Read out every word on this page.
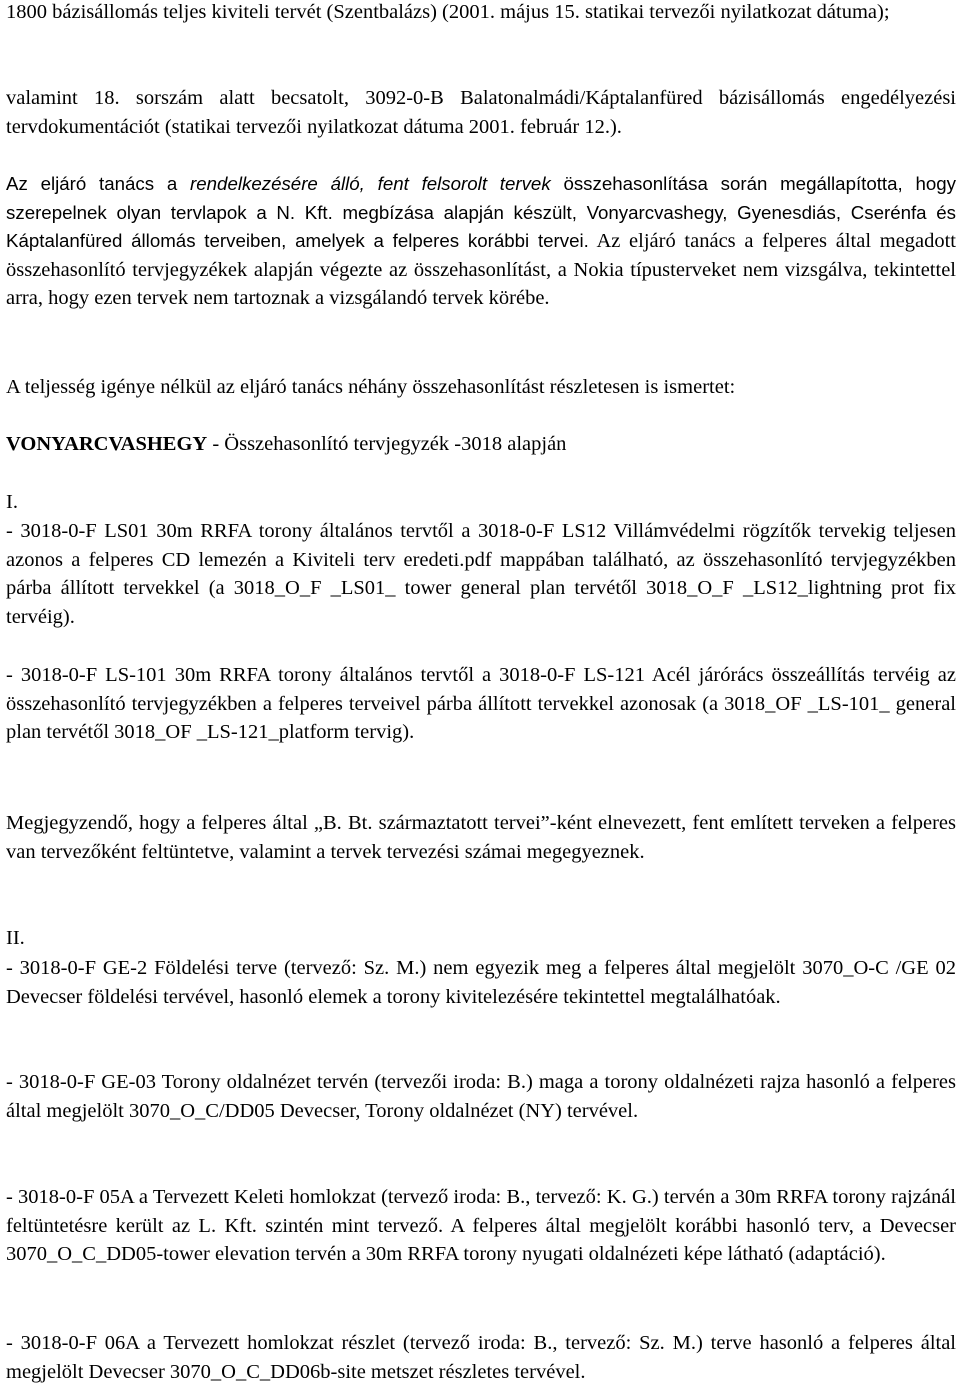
1800 bázisállomás teljes kiviteli tervét (Szentbalázs) (2001. május 15. statikai tervezői nyilatkozat dátuma);

valamint 18. sorszám alatt becsatolt, 3092-0-B Balatonalmádi/Káptalanfüred bázisállomás engedélyezési tervdokumentációt (statikai tervezői nyilatkozat dátuma 2001. február 12.).

Az eljáró tanács a rendelkezésére álló, fent felsorolt tervek összehasonlítása során megállapította, hogy szerepelnek olyan tervlapok a N. Kft. megbízása alapján készült, Vonyarcvashegy, Gyenesdiás, Cserénfa és Káptalanfüred állomás terveiben, amelyek a felperes korábbi tervei. Az eljáró tanács a felperes által megadott összehasonlító tervjegyzékek alapján végezte az összehasonlítást, a Nokia típusterveket nem vizsgálva, tekintettel arra, hogy ezen tervek nem tartoznak a vizsgálandó tervek körébe.

A teljesség igénye nélkül az eljáró tanács néhány összehasonlítást részletesen is ismertet:

VONYARCVASHEGY - Összehasonlító tervjegyzék -3018 alapján

I.

- 3018-0-F LS01 30m RRFA torony általános tervtől a 3018-0-F LS12 Villámvédelmi rögzítők tervekig teljesen azonos a felperes CD lemezén a Kiviteli terv eredeti.pdf mappában található, az összehasonlító tervjegyzékben párba állított tervekkel (a 3018_O_F _LS01_ tower general plan tervétől 3018_O_F _LS12_lightning prot fix tervéig).

- 3018-0-F LS-101 30m RRFA torony általános tervtől a 3018-0-F LS-121 Acél járórács összeállítás tervéig az összehasonlító tervjegyzékben a felperes terveivel párba állított tervekkel azonosak (a 3018_OF _LS-101_ general plan tervétől 3018_OF _LS-121_platform tervig).

Megjegyzendő, hogy a felperes által „B. Bt. származtatott tervei”-ként elnevezett, fent említett terveken a felperes van tervezőként feltüntetve, valamint a tervek tervezési számai megegyeznek.

II.

- 3018-0-F GE-2 Földelési terve (tervező: Sz. M.) nem egyezik meg a felperes által megjelölt 3070_O-C /GE 02 Devecser földelési tervével, hasonló elemek a torony kivitelezésére tekintettel megtalálhatóak.

- 3018-0-F GE-03 Torony oldalnézet tervén (tervezői iroda: B.) maga a torony oldalnézeti rajza hasonló a felperes által megjelölt 3070_O_C/DD05 Devecser, Torony oldalnézet (NY) tervével.

- 3018-0-F 05A a Tervezett Keleti homlokzat (tervező iroda: B., tervező: K. G.) tervén a 30m RRFA torony rajzánál feltüntetésre került az L. Kft. szintén mint tervező. A felperes által megjelölt korábbi hasonló terv, a Devecser 3070_O_C_DD05-tower elevation tervén a 30m RRFA torony nyugati oldalnézeti képe látható (adaptáció).

- 3018-0-F 06A a Tervezett homlokzat részlet (tervező iroda: B., tervező: Sz. M.) terve hasonló a felperes által megjelölt Devecser 3070_O_C_DD06b-site metszet részletes tervével.
